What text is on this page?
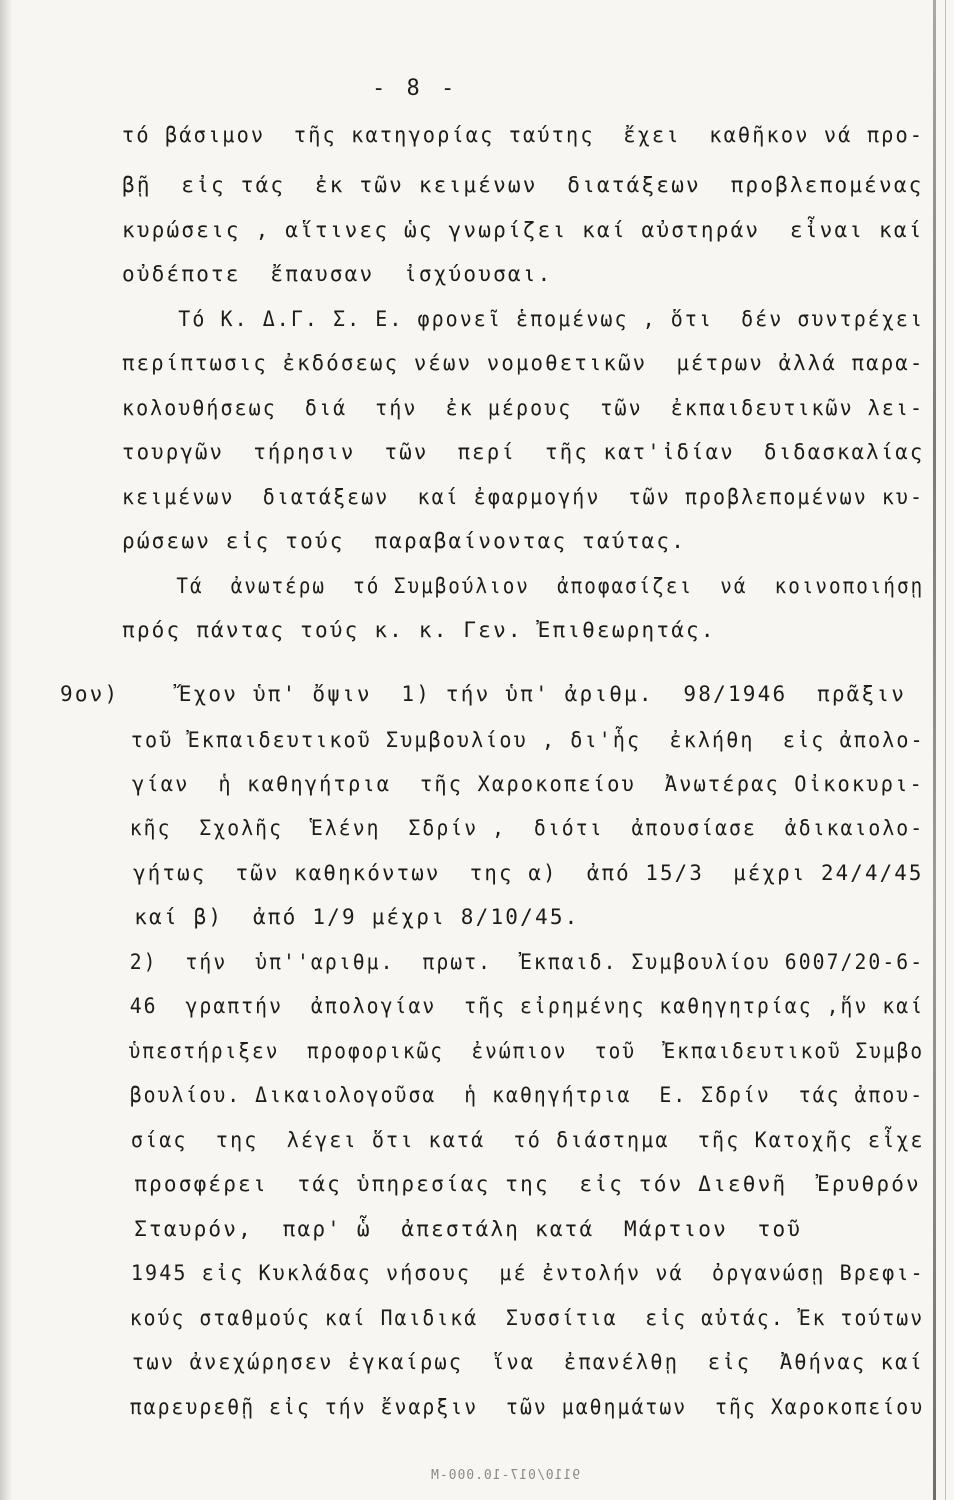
- 8 -
τό βάσιμον  τῆς κατηγορίας ταύτης  ἔχει  καθῆκον νά προ-
βῇ  εἰς τάς  ἐκ τῶν κειμένων  διατάξεων  προβλεπομένας
κυρώσεις , αἵτινες ὡς γνωρίζει καί αὐστηράν  εἶναι καί
οὐδέποτε  ἔπαυσαν  ἰσχύουσαι.
Τό Κ. Δ.Γ. Σ. Ε. φρονεῖ ἑπομένως , ὅτι  δέν συντρέχει
περίπτωσις ἐκδόσεως νέων νομοθετικῶν  μέτρων ἀλλά παρα-
κολουθήσεως  διά  τήν  ἐκ μέρους  τῶν  ἐκπαιδευτικῶν λει-
τουργῶν  τήρησιν  τῶν  περί  τῆς κατ'ἰδίαν  διδασκαλίας
κειμένων  διατάξεων  καί ἐφαρμογήν  τῶν προβλεπομένων κυ-
ρώσεων εἰς τούς  παραβαίνοντας ταύτας.
Τά  ἀνωτέρω  τό Συμβούλιον  ἀποφασίζει  νά  κοινοποιήσῃ
πρός πάντας τούς κ. κ. Γεν. Ἐπιθεωρητάς.
9ον)    Ἔχον ὑπ' ὄψιν  1) τήν ὑπ' ἀριθμ.  98/1946  πρᾶξιν
τοῦ Ἐκπαιδευτικοῦ Συμβουλίου , δι'ἧς  ἐκλήθη  εἰς ἀπολο-
γίαν  ἡ καθηγήτρια  τῆς Χαροκοπείου  Ἀνωτέρας Οἰκοκυρι-
κῆς  Σχολῆς  Ἑλένη  Σδρίν ,  διότι  ἀπουσίασε  ἀδικαιολο-
γήτως  τῶν καθηκόντων  της α)  ἀπό 15/3  μέχρι 24/4/45
καί β)  ἀπό 1/9 μέχρι 8/10/45.
2)  τήν  ὑπ''αριθμ.  πρωτ.  Ἐκπαιδ. Συμβουλίου 6007/20-6-
46  γραπτήν  ἀπολογίαν  τῆς εἰρημένης καθηγητρίας ,ἥν καί
ὑπεστήριξεν  προφορικῶς  ἐνώπιον  τοῦ  Ἐκπαιδευτικοῦ Συμβο
βουλίου. Δικαιολογοῦσα  ἡ καθηγήτρια  Ε. Σδρίν  τάς ἀπου-
σίας  της  λέγει ὅτι κατά  τό διάστημα  τῆς Κατοχῆς εἶχε
προσφέρει  τάς ὑπηρεσίας της  εἰς τόν Διεθνῆ  Ἐρυθρόν
Σταυρόν,  παρ' ὧ  ἀπεστάλη κατά  Μάρτιον  τοῦ
1945 εἰς Κυκλάδας νήσους  μέ ἐντολήν νά  ὀργανώσῃ Βρεφι-
κούς σταθμούς καί Παιδικά  Συσσίτια  εἰς αὐτάς. Ἐκ τούτων
των ἀνεχώρησεν ἐγκαίρως  ἵνα  ἐπανέλθῃ  εἰς  Ἀθήνας καί
παρευρεθῇ εἰς τήν ἔναρξιν  τῶν μαθημάτων  τῆς Χαροκοπείου
9110/017-10.000-M
